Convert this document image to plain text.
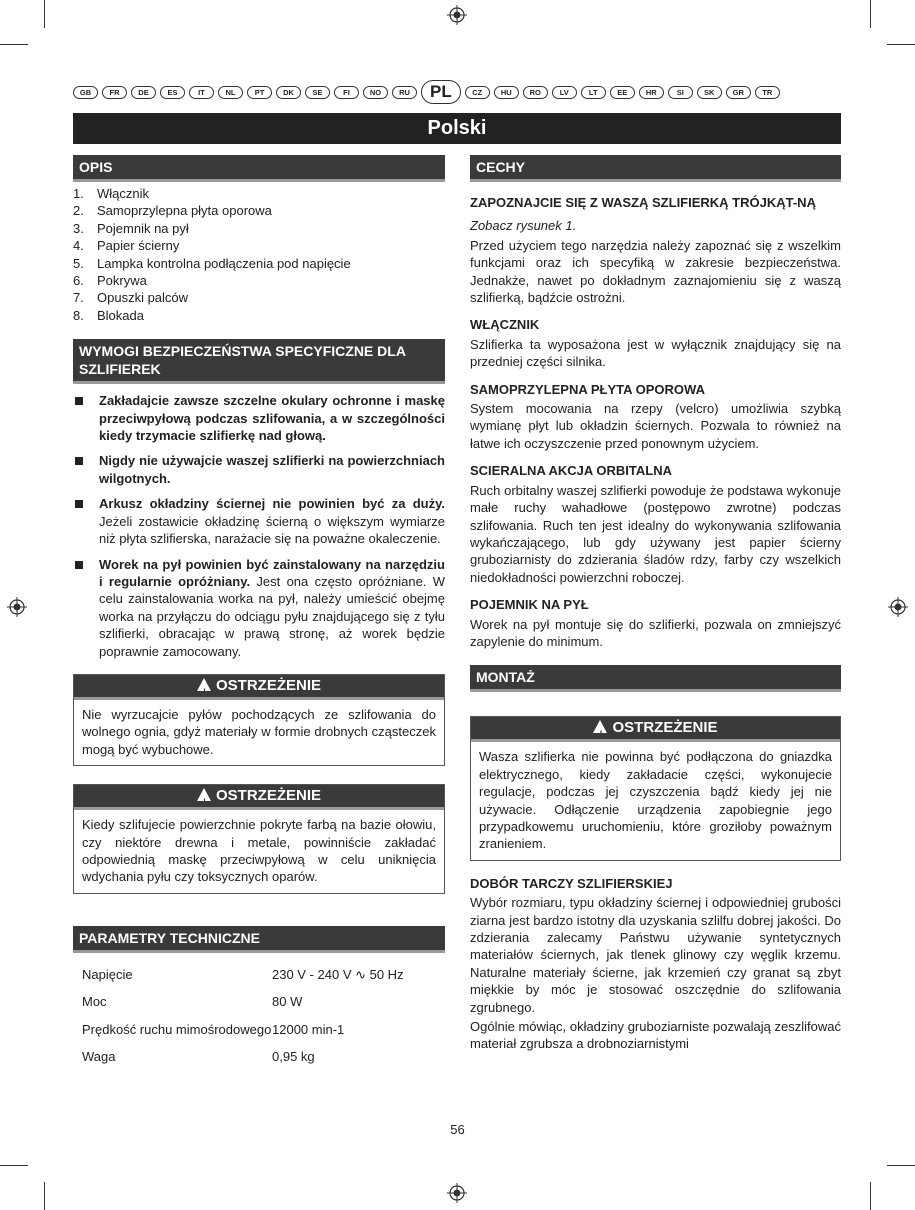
GB	FR	DE	ES	IT	NL	PT	DK	SE	FI	NO	RU	PL	CZ	HU	RO	LV	LT	EE	HR	SI	SK	GR	TR
Polski
OPIS
1.	Włącznik
2.	Samoprzylepna płyta oporowa
3.	Pojemnik na pył
4.	Papier ścierny
5.	Lampka kontrolna podłączenia pod napięcie
6.	Pokrywa
7.	Opuszki palców
8.	Blokada
WYMOGI BEZPIECZEŃSTWA SPECYFICZNE DLA SZLIFIEREK
Zakładajcie zawsze szczelne okulary ochronne i maskę przeciwpyłową podczas szlifowania, a w szczególności kiedy trzymacie szlifierkę nad głową.
Nigdy nie używajcie waszej szlifierki na powierzchniach wilgotnych.
Arkusz okładziny ściernej nie powinien być za duży. Jeżeli zostawicie okładzinę ścierną o większym wymiarze niż płyta szlifierska, narażacie się na poważne okaleczenie.
Worek na pył powinien być zainstalowany na narzędziu i regularnie opróżniany. Jest ona często opróżniane. W celu zainstalowania worka na pył, należy umieścić obejmę worka na przyłączu do odciągu pyłu znajdującego się z tyłu szlifierki, obracając w prawą stronę, aż worek będzie poprawnie zamocowany.
! OSTRZEŻENIE
Nie wyrzucajcie pyłów pochodzących ze szlifowania do wolnego ognia, gdyż materiały w formie drobnych cząsteczek mogą być wybuchowe.
! OSTRZEŻENIE
Kiedy szlifujecie powierzchnie pokryte farbą na bazie ołowiu, czy niektóre drewna i metale, powinniście zakładać odpowiednią maskę przeciwpyłową w celu uniknięcia wdychania pyłu czy toksycznych oparów.
PARAMETRY TECHNICZNE
Napięcie	230 V - 240 V ∿ 50 Hz
Moc	80 W
Prędkość ruchu mimośrodowego 12000 min-1
Waga	0,95 kg
CECHY
ZAPOZNAJCIE SIĘ Z WASZĄ SZLIFIERKĄ TRÓJKĄT-NĄ

Zobacz rysunek 1.

Przed użyciem tego narzędzia należy zapoznać się z wszelkim funkcjami oraz ich specyfiką w zakresie bezpieczeństwa. Jednakże, nawet po dokładnym zaznajomieniu się z waszą szlifierką, bądźcie ostrożni.

WŁĄCZNIK

Szlifierka ta wyposażona jest w wyłącznik znajdujący się na przedniej części silnika.

SAMOPRZYLEPNA PŁYTA OPOROWA

System mocowania na rzepy (velcro) umożliwia szybką wymianę płyt lub okładzin ściernych. Pozwala to również na łatwe ich oczyszczenie przed ponownym użyciem.

SCIERALNA AKCJA ORBITALNA

Ruch orbitalny waszej szlifierki powoduje że podstawa wykonuje małe ruchy wahadłowe (postępowo zwrotne) podczas szlifowania. Ruch ten jest idealny do wykonywania szlifowania wykańczającego, lub gdy używany jest papier ścierny gruboziarnisty do zdzierania śladów rdzy, farby czy wszelkich niedokładności powierzchni roboczej.

POJEMNIK NA PYŁ

Worek na pył montuje się do szlifierki, pozwala on zmniejszyć zapylenie do minimum.

MONTAŻ
! OSTRZEŻENIE
Wasza szlifierka nie powinna być podłączona do gniazdka elektrycznego, kiedy zakładacie części, wykonujecie regulacje, podczas jej czyszczenia bądź kiedy jej nie używacie. Odłączenie urządzenia zapobiegnie jego przypadkowemu uruchomieniu, które groziłoby poważnym zranieniem.
DOBÓR TARCZY SZLIFIERSKIEJ

Wybór rozmiaru, typu okładziny ściernej i odpowiedniej grubości ziarna jest bardzo istotny dla uzyskania szlilfu dobrej jakości. Do zdzierania zalecamy Państwu używanie syntetycznych materiałów ściernych, jak tlenek glinowy czy węglik krzemu. Naturalne materiały ścierne, jak krzemień czy granat są zbyt miękkie by móc je stosować oszczędnie do szlifowania zgrubnego.

Ogólnie mówiąc, okładziny gruboziarniste pozwalają zeszlifować materiał zgrubsza a drobnoziarnistymi

56
